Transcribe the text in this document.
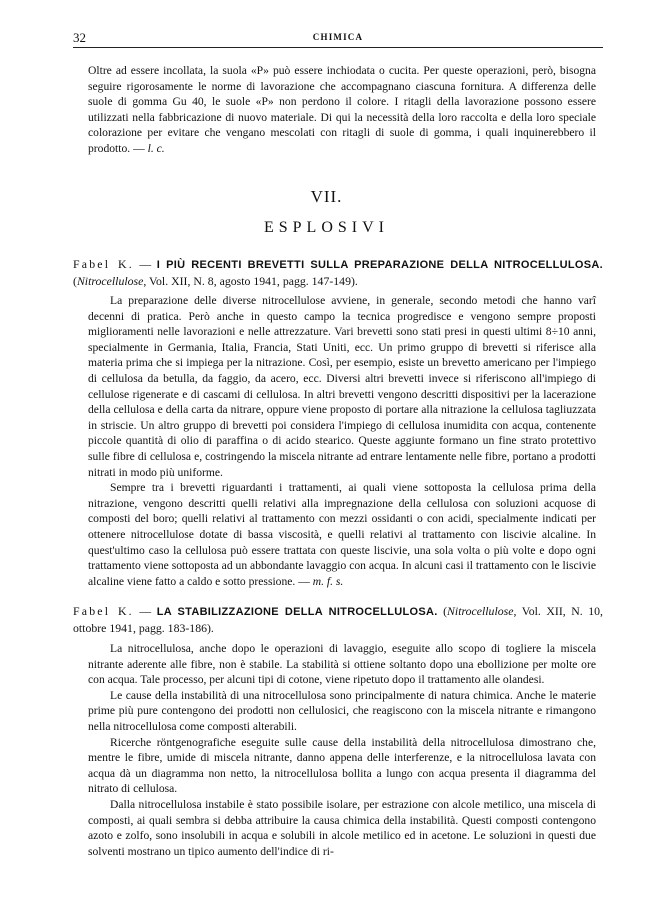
32	CHIMICA

Oltre ad essere incollata, la suola «P» può essere inchiodata o cucita. Per queste operazioni, però, bisogna seguire rigorosamente le norme di lavorazione che accompagnano ciascuna fornitura. A differenza delle suole di gomma Gu 40, le suole «P» non perdono il colore. I ritagli della lavorazione possono essere utilizzati nella fabbricazione di nuovo materiale. Di qui la necessità della loro raccolta e della loro speciale colorazione per evitare che vengano mescolati con ritagli di suole di gomma, i quali inquinerebbero il prodotto. — l. c.

VII.
ESPLOSIVI
Fabel K. — I PIÙ RECENTI BREVETTI SULLA PREPARAZIONE DELLA NITROCELLULOSA. (Nitrocellulose, Vol. XII, N. 8, agosto 1941, pagg. 147-149).

La preparazione delle diverse nitrocellulose avviene, in generale, secondo metodi che hanno varî decenni di pratica. Però anche in questo campo la tecnica progredisce e vengono sempre proposti miglioramenti nelle lavorazioni e nelle attrezzature. Vari brevetti sono stati presi in questi ultimi 8÷10 anni, specialmente in Germania, Italia, Francia, Stati Uniti, ecc. Un primo gruppo di brevetti si riferisce alla materia prima che si impiega per la nitrazione. Così, per esempio, esiste un brevetto americano per l'impiego di cellulosa da betulla, da faggio, da acero, ecc. Diversi altri brevetti invece si riferiscono all'impiego di cellulose rigenerate e di cascami di cellulosa. In altri brevetti vengono descritti dispositivi per la lacerazione della cellulosa e della carta da nitrare, oppure viene proposto di portare alla nitrazione la cellulosa tagliuzzata in striscie. Un altro gruppo di brevetti poi considera l'impiego di cellulosa inumidita con acqua, contenente piccole quantità di olio di paraffina o di acido stearico. Queste aggiunte formano un fine strato protettivo sulle fibre di cellulosa e, costringendo la miscela nitrante ad entrare lentamente nelle fibre, portano a prodotti nitrati in modo più uniforme.

Sempre tra i brevetti riguardanti i trattamenti, ai quali viene sottoposta la cellulosa prima della nitrazione, vengono descritti quelli relativi alla impregnazione della cellulosa con soluzioni acquose di composti del boro; quelli relativi al trattamento con mezzi ossidanti o con acidi, specialmente indicati per ottenere nitrocellulose dotate di bassa viscosità, e quelli relativi al trattamento con lisciviе alcaline. In quest'ultimo caso la cellulosa può essere trattata con queste lisciviе, una sola volta o più volte e dopo ogni trattamento viene sottoposta ad un abbondante lavaggio con acqua. In alcuni casi il trattamento con le lisciviе alcaline viene fatto a caldo e sotto pressione. — m. f. s.

Fabel K. — LA STABILIZZAZIONE DELLA NITROCELLULOSA. (Nitrocellulose, Vol. XII, N. 10, ottobre 1941, pagg. 183-186).

La nitrocellulosa, anche dopo le operazioni di lavaggio, eseguite allo scopo di togliere la miscela nitrante aderente alle fibre, non è stabile. La stabilità si ottiene soltanto dopo una ebollizione per molte ore con acqua. Tale processo, per alcuni tipi di cotone, viene ripetuto dopo il trattamento alle olandesi.

Le cause della instabilità di una nitrocellulosa sono principalmente di natura chimica. Anche le materie prime più pure contengono dei prodotti non cellulosici, che reagiscono con la miscela nitrante e rimangono nella nitrocellulosa come composti alterabili.

Ricerche röntgenografiche eseguite sulle cause della instabilità della nitrocellulosa dimostrano che, mentre le fibre, umide di miscela nitrante, danno appena delle interferenze, e la nitrocellulosa lavata con acqua dà un diagramma non netto, la nitrocellulosa bollita a lungo con acqua presenta il diagramma del nitrato di cellulosa.

Dalla nitrocellulosa instabile è stato possibile isolare, per estrazione con alcole metilico, una miscela di composti, ai quali sembra si debba attribuire la causa chimica della instabilità. Questi composti contengono azoto e zolfo, sono insolubili in acqua e solubili in alcole metilico ed in acetone. Le soluzioni in questi due solventi mostrano un tipico aumento dell'indice di ri-
